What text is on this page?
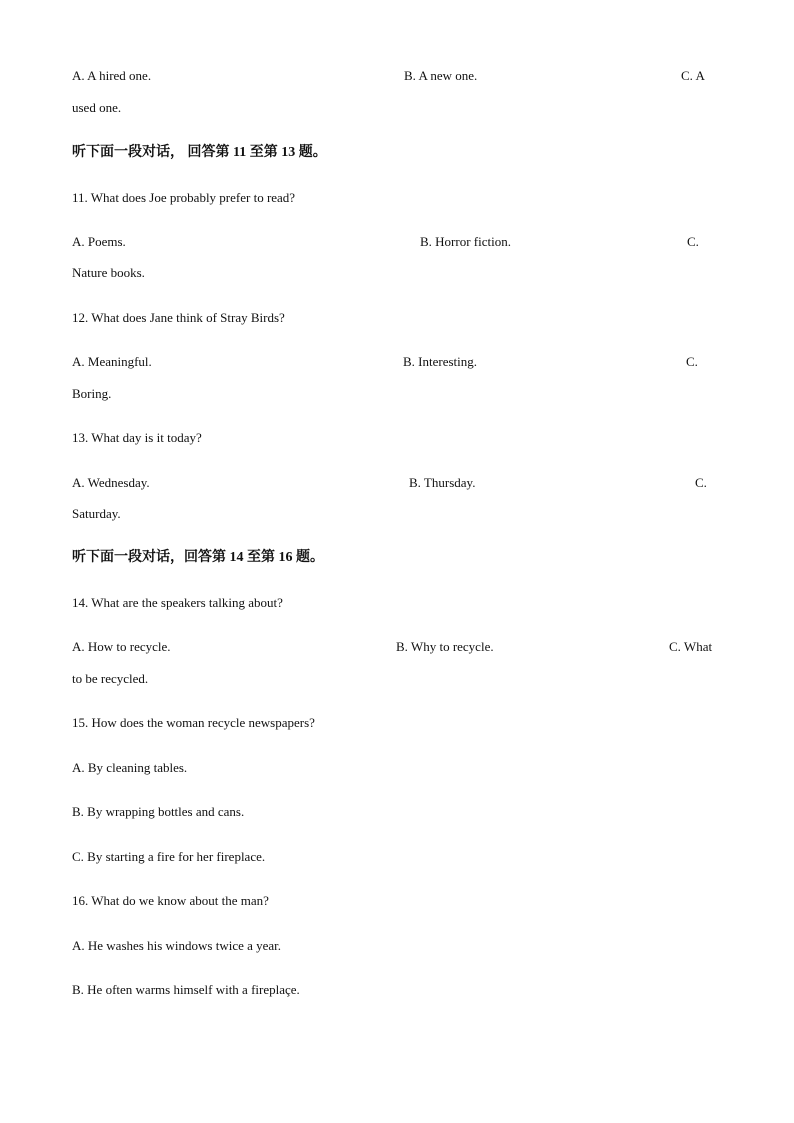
A. A hired one.	B. A new one.	C. A
used one.
听下面一段对话， 回答第 11 至第 13 题。
11. What does Joe probably prefer to read?
A. Poems.	B. Horror fiction.	C.
Nature books.
12. What does Jane think of Stray Birds?
A. Meaningful.	B. Interesting.	C.
Boring.
13. What day is it today?
A. Wednesday.	B. Thursday.	C.
Saturday.
听下面一段对话，回答第 14 至第 16 题。
14. What are the speakers talking about?
A. How to recycle.	B. Why to recycle.	C. What
to be recycled.
15. How does the woman recycle newspapers?
A. By cleaning tables.
B. By wrapping bottles and cans.
C. By starting a fire for her fireplace.
16. What do we know about the man?
A. He washes his windows twice a year.
B. He often warms himself with a fireplaçe.
